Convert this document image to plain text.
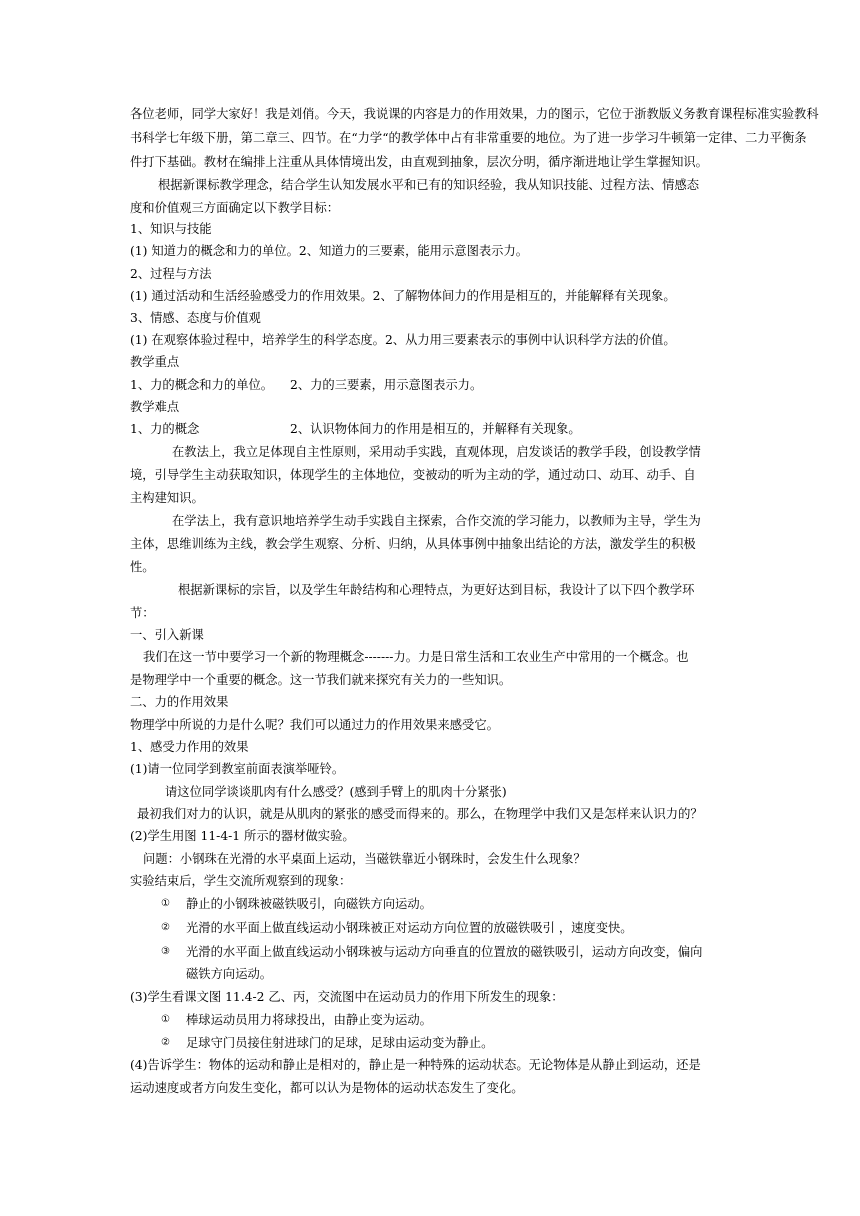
各位老师，同学大家好！我是刘俏。今天，我说课的内容是力的作用效果，力的图示，它位于浙教版义务教育课程标准实验教科

书科学七年级下册，第二章三、四节。在“力学“的教学体中占有非常重要的地位。为了进一步学习牛顿第一定律、二力平衡条

件打下基础。教材在编排上注重从具体情境出发，由直观到抽象，层次分明，循序渐进地让学生掌握知识。

根据新课标教学理念，结合学生认知发展水平和已有的知识经验，我从知识技能、过程方法、情感态

度和价值观三方面确定以下教学目标：

1、知识与技能

(1) 知道力的概念和力的单位。2、知道力的三要素，能用示意图表示力。

2、过程与方法

(1) 通过活动和生活经验感受力的作用效果。2、了解物体间力的作用是相互的，并能解释有关现象。

3、情感、态度与价值观

(1) 在观察体验过程中，培养学生的科学态度。2、从力用三要素表示的事例中认识科学方法的价值。

教学重点

1、力的概念和力的单位。 2、力的三要素，用示意图表示力。

教学难点

1、力的概念	2、认识物体间力的作用是相互的，并解释有关现象。

在教法上，我立足体现自主性原则，采用动手实践，直观体现，启发谈话的教学手段，创设教学情

境，引导学生主动获取知识，体现学生的主体地位，变被动的听为主动的学，通过动口、动耳、动手、自

主构建知识。

在学法上，我有意识地培养学生动手实践自主探索，合作交流的学习能力，以教师为主导，学生为

主体，思维训练为主线，教会学生观察、分析、归纳，从具体事例中抽象出结论的方法，激发学生的积极

性。

根据新课标的宗旨，以及学生年龄结构和心理特点，为更好达到目标，我设计了以下四个教学环

节：

一、引入新课

我们在这一节中要学习一个新的物理概念-------力。力是日常生活和工农业生产中常用的一个概念。也

是物理学中一个重要的概念。这一节我们就来探究有关力的一些知识。

二、力的作用效果

物理学中所说的力是什么呢？我们可以通过力的作用效果来感受它。

1、感受力作用的效果

(1)请一位同学到教室前面表演举哑铃。

请这位同学谈谈肌肉有什么感受？(感到手臂上的肌肉十分紧张)

最初我们对力的认识，就是从肌肉的紧张的感受而得来的。那么，在物理学中我们又是怎样来认识力的？

(2)学生用图 11-4-1 所示的器材做实验。

问题：小钢珠在光滑的水平桌面上运动，当磁铁靠近小钢珠时，会发生什么现象？

实验结束后，学生交流所观察到的现象：

① 静止的小钢珠被磁铁吸引，向磁铁方向运动。

② 光滑的水平面上做直线运动小钢珠被正对运动方向位置的放磁铁吸引 ，速度变快。

③ 光滑的水平面上做直线运动小钢珠被与运动方向垂直的位置放的磁铁吸引，运动方向改变，偏向

磁铁方向运动。

(3)学生看课文图 11.4-2 乙、丙，交流图中在运动员力的作用下所发生的现象：

① 棒球运动员用力将球投出，由静止变为运动。

② 足球守门员接住射进球门的足球，足球由运动变为静止。

(4)告诉学生：物体的运动和静止是相对的，静止是一种特殊的运动状态。无论物体是从静止到运动，还是

运动速度或者方向发生变化，都可以认为是物体的运动状态发生了变化。
